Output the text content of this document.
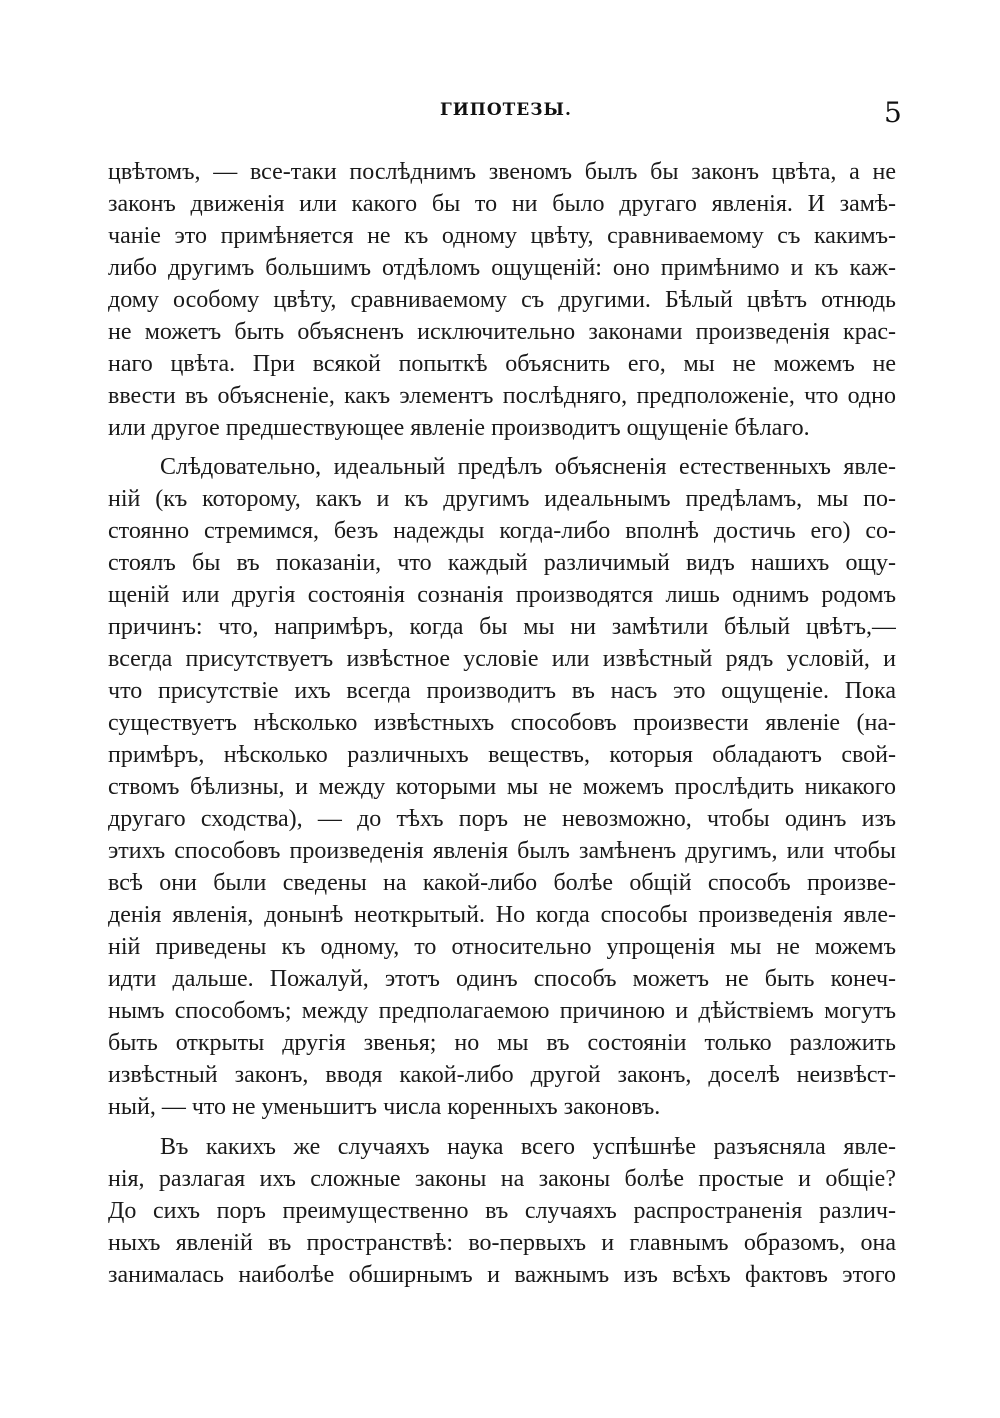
ГИПОТЕЗЫ.	5
цвѣтомъ, — все-таки послѣднимъ звеномъ былъ бы законъ цвѣта, а не
законъ движенія или какого бы то ни было другаго явленія. И замѣ-
чаніе это примѣняется не къ одному цвѣту, сравниваемому съ какимъ-
либо другимъ большимъ отдѣломъ ощущеній: оно примѣнимо и къ каж-
дому особому цвѣту, сравниваемому съ другими. Бѣлый цвѣтъ отнюдь
не можетъ быть объясненъ исключительно законами произведенія крас-
наго цвѣта. При всякой попыткѣ объяснить его, мы не можемъ не
ввести въ объясненіе, какъ элементъ послѣдняго, предположеніе, что одно
или другое предшествующее явленіе производитъ ощущеніе бѣлаго.
Слѣдовательно, идеальный предѣлъ объясненія естественныхъ явле-
ній (къ которому, какъ и къ другимъ идеальнымъ предѣламъ, мы по-
стоянно стремимся, безъ надежды когда-либо вполнѣ достичь его) со-
стоялъ бы въ показаніи, что каждый различимый видъ нашихъ ощу-
щеній или другія состоянія сознанія производятся лишь однимъ родомъ
причинъ: что, напримѣръ, когда бы мы ни замѣтили бѣлый цвѣтъ,—
всегда присутствуетъ извѣстное условіе или извѣстный рядъ условій, и
что присутствіе ихъ всегда производитъ въ насъ это ощущеніе. Пока
существуетъ нѣсколько извѣстныхъ способовъ произвести явленіе (на-
примѣръ, нѣсколько различныхъ веществъ, которыя обладаютъ свой-
ствомъ бѣлизны, и между которыми мы не можемъ прослѣдить никакого
другаго сходства), — до тѣхъ поръ не невозможно, чтобы одинъ изъ
этихъ способовъ произведенія явленія былъ замѣненъ другимъ, или чтобы
всѣ они были сведены на какой-либо болѣе общій способъ произве-
денія явленія, донынѣ неоткрытый. Но когда способы произведенія явле-
ній приведены къ одному, то относительно упрощенія мы не можемъ
идти дальше. Пожалуй, этотъ одинъ способъ можетъ не быть конеч-
нымъ способомъ; между предполагаемою причиною и дѣйствіемъ могутъ
быть открыты другія звенья; но мы въ состояніи только разложить
извѣстный законъ, вводя какой-либо другой законъ, доселѣ неизвѣст-
ный, — что не уменьшитъ числа коренныхъ законовъ.
Въ какихъ же случаяхъ наука всего успѣшнѣе разъясняла явле-
нія, разлагая ихъ сложные законы на законы болѣе простые и общіе?
До сихъ поръ преимущественно въ случаяхъ распространенія различ-
ныхъ явленій въ пространствѣ: во-первыхъ и главнымъ образомъ, она
занималась наиболѣе обширнымъ и важнымъ изъ всѣхъ фактовъ этого
